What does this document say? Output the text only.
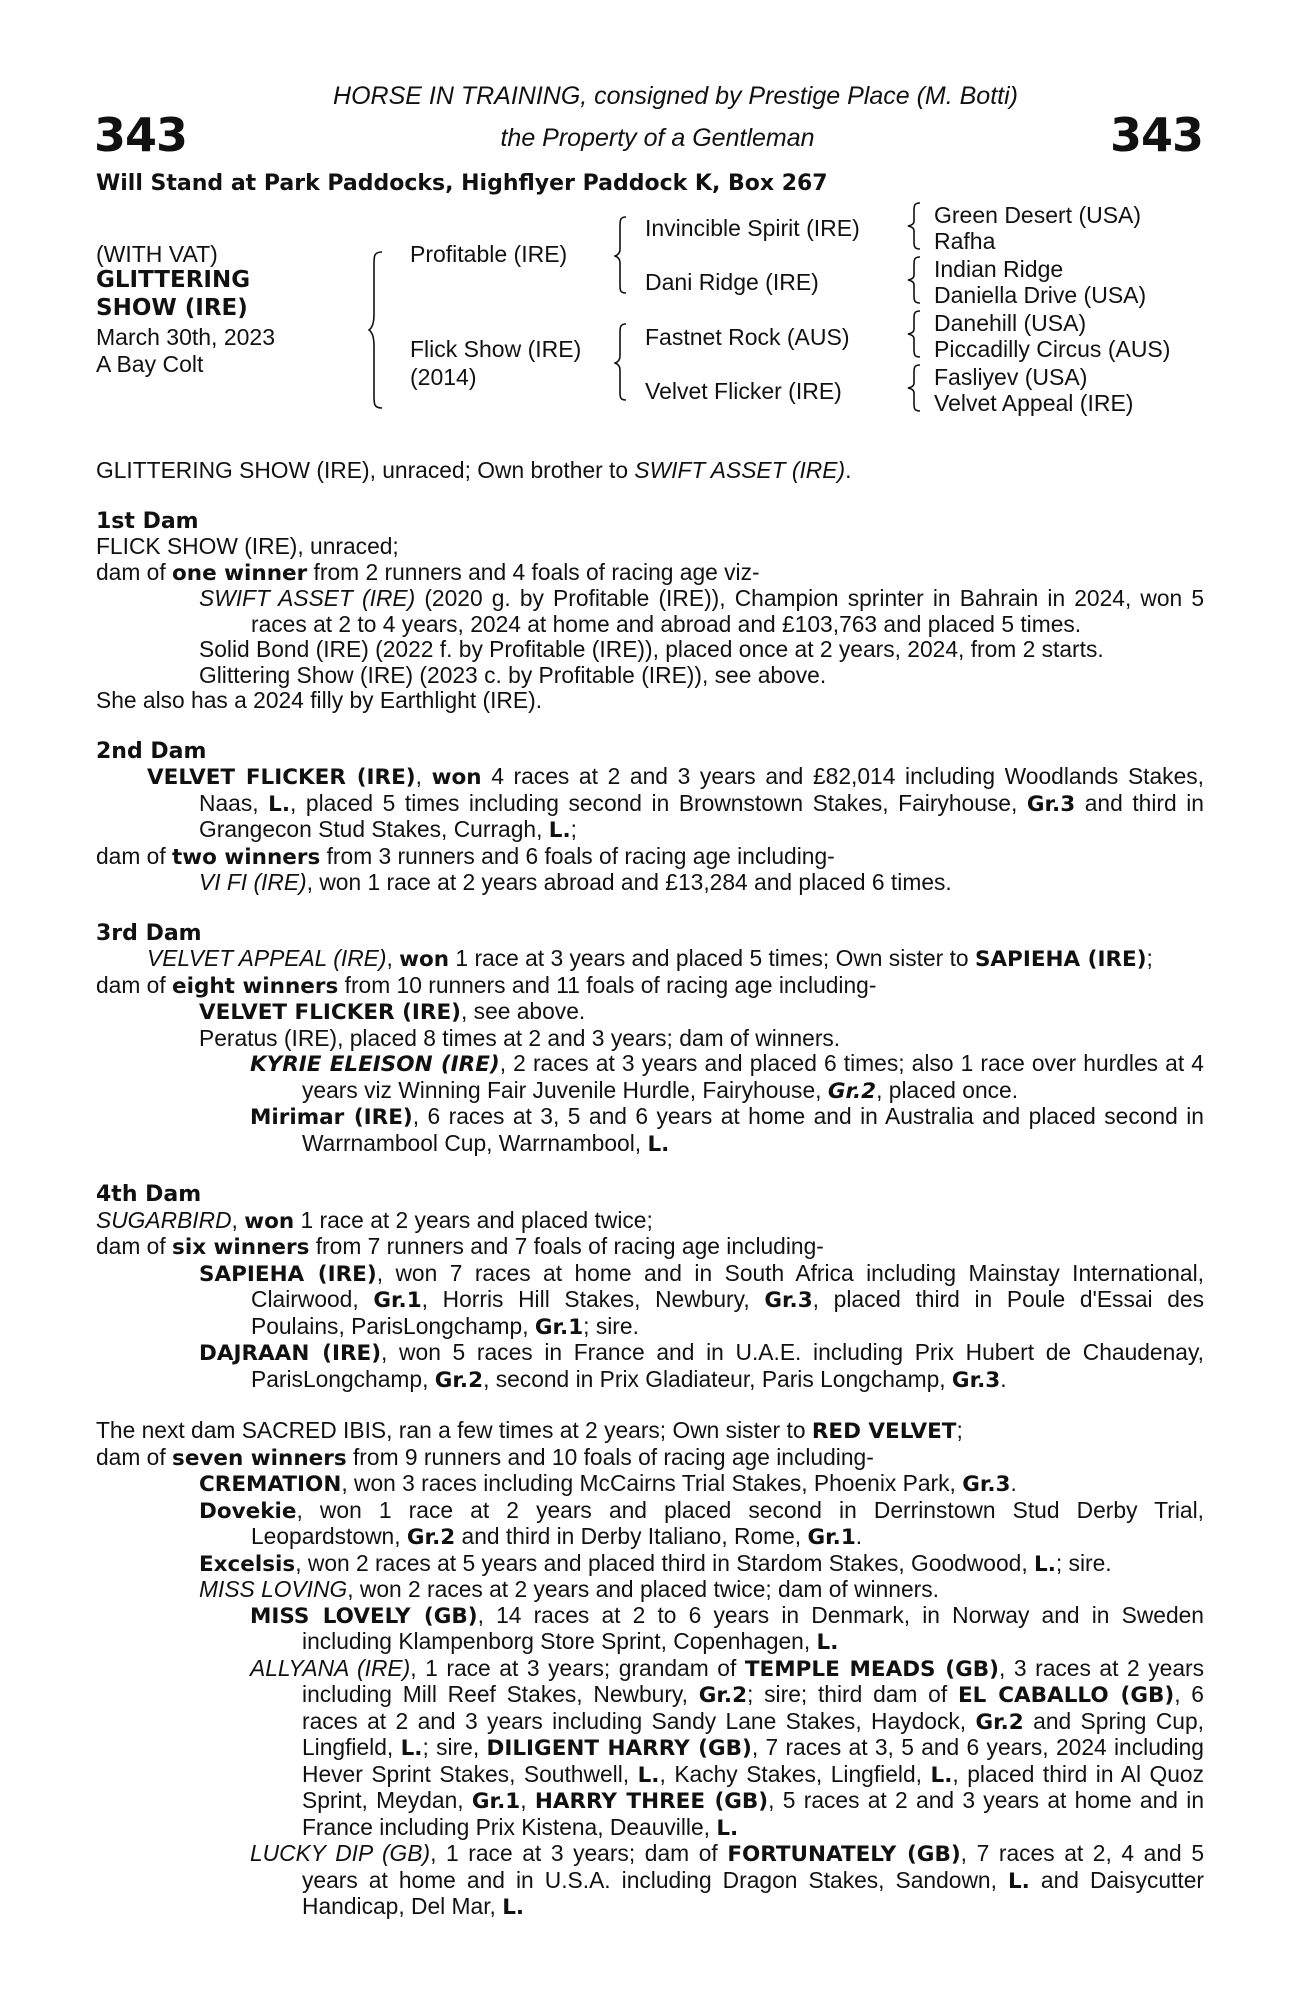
343	343
HORSE IN TRAINING, consigned by Prestige Place (M. Botti)
the Property of a Gentleman
Will Stand at Park Paddocks, Highflyer Paddock K, Box 267
(WITH VAT)
GLITTERING
SHOW (IRE)
March 30th, 2023
A Bay Colt
Profitable (IRE)
Flick Show (IRE)
(2014)
Invincible Spirit (IRE)
Dani Ridge (IRE)
Fastnet Rock (AUS)
Velvet Flicker (IRE)
Green Desert (USA)
Rafha
Indian Ridge
Daniella Drive (USA)
Danehill (USA)
Piccadilly Circus (AUS)
Fasliyev (USA)
Velvet Appeal (IRE)

GLITTERING SHOW (IRE), unraced; Own brother to SWIFT ASSET (IRE).

1st Dam

FLICK SHOW (IRE), unraced;

dam of one winner from 2 runners and 4 foals of racing age viz-

SWIFT ASSET (IRE) (2020 g. by Profitable (IRE)), Champion sprinter in Bahrain in 2024, won 5 races at 2 to 4 years, 2024 at home and abroad and £103,763 and placed 5 times.

Solid Bond (IRE) (2022 f. by Profitable (IRE)), placed once at 2 years, 2024, from 2 starts.

Glittering Show (IRE) (2023 c. by Profitable (IRE)), see above.

She also has a 2024 filly by Earthlight (IRE).

2nd Dam

VELVET FLICKER (IRE), won 4 races at 2 and 3 years and £82,014 including Woodlands Stakes, Naas, L., placed 5 times including second in Brownstown Stakes, Fairyhouse, Gr.3 and third in Grangecon Stud Stakes, Curragh, L.;

dam of two winners from 3 runners and 6 foals of racing age including-

VI FI (IRE), won 1 race at 2 years abroad and £13,284 and placed 6 times.

3rd Dam

VELVET APPEAL (IRE), won 1 race at 3 years and placed 5 times; Own sister to SAPIEHA (IRE);

dam of eight winners from 10 runners and 11 foals of racing age including-

VELVET FLICKER (IRE), see above.

Peratus (IRE), placed 8 times at 2 and 3 years; dam of winners.

KYRIE ELEISON (IRE), 2 races at 3 years and placed 6 times; also 1 race over hurdles at 4 years viz Winning Fair Juvenile Hurdle, Fairyhouse, Gr.2, placed once.

Mirimar (IRE), 6 races at 3, 5 and 6 years at home and in Australia and placed second in Warrnambool Cup, Warrnambool, L.

4th Dam

SUGARBIRD, won 1 race at 2 years and placed twice;

dam of six winners from 7 runners and 7 foals of racing age including-

SAPIEHA (IRE), won 7 races at home and in South Africa including Mainstay International, Clairwood, Gr.1, Horris Hill Stakes, Newbury, Gr.3, placed third in Poule d'Essai des Poulains, ParisLongchamp, Gr.1; sire.

DAJRAAN (IRE), won 5 races in France and in U.A.E. including Prix Hubert de Chaudenay, ParisLongchamp, Gr.2, second in Prix Gladiateur, Paris Longchamp, Gr.3.

The next dam SACRED IBIS, ran a few times at 2 years; Own sister to RED VELVET;

dam of seven winners from 9 runners and 10 foals of racing age including-

CREMATION, won 3 races including McCairns Trial Stakes, Phoenix Park, Gr.3.

Dovekie, won 1 race at 2 years and placed second in Derrinstown Stud Derby Trial, Leopardstown, Gr.2 and third in Derby Italiano, Rome, Gr.1.

Excelsis, won 2 races at 5 years and placed third in Stardom Stakes, Goodwood, L.; sire.

MISS LOVING, won 2 races at 2 years and placed twice; dam of winners.

MISS LOVELY (GB), 14 races at 2 to 6 years in Denmark, in Norway and in Sweden including Klampenborg Store Sprint, Copenhagen, L.

ALLYANA (IRE), 1 race at 3 years; grandam of TEMPLE MEADS (GB), 3 races at 2 years including Mill Reef Stakes, Newbury, Gr.2; sire; third dam of EL CABALLO (GB), 6 races at 2 and 3 years including Sandy Lane Stakes, Haydock, Gr.2 and Spring Cup, Lingfield, L.; sire, DILIGENT HARRY (GB), 7 races at 3, 5 and 6 years, 2024 including Hever Sprint Stakes, Southwell, L., Kachy Stakes, Lingfield, L., placed third in Al Quoz Sprint, Meydan, Gr.1, HARRY THREE (GB), 5 races at 2 and 3 years at home and in France including Prix Kistena, Deauville, L.

LUCKY DIP (GB), 1 race at 3 years; dam of FORTUNATELY (GB), 7 races at 2, 4 and 5 years at home and in U.S.A. including Dragon Stakes, Sandown, L. and Daisycutter Handicap, Del Mar, L.
